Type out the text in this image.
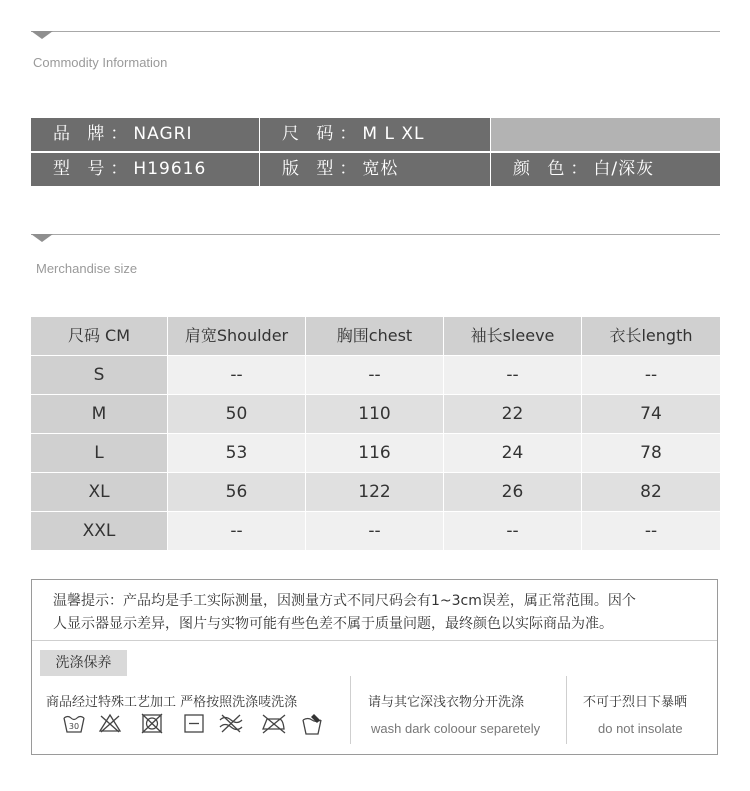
Commodity Information
品 牌：NAGRI	尺 码：M L XL
型 号：H19616	版 型：宽松	颜 色：白/深灰
Merchandise size
尺码 CM	肩宽Shoulder	胸围chest	袖长sleeve	衣长length
S	--	--	--	--
M	50	110	22	74
L	53	116	24	78
XL	56	122	26	82
XXL	--	--	--	--
温馨提示：产品均是手工实际测量，因测量方式不同尺码会有1~3cm误差，属正常范围。因个
人显示器显示差异，图片与实物可能有些色差不属于质量问题，最终颜色以实际商品为准。
洗涤保养
商品经过特殊工艺加工 严格按照洗涤唛洗涤	请与其它深浅衣物分开洗涤
wash dark coloour separetely
不可于烈日下暴晒
do not insolate
30
